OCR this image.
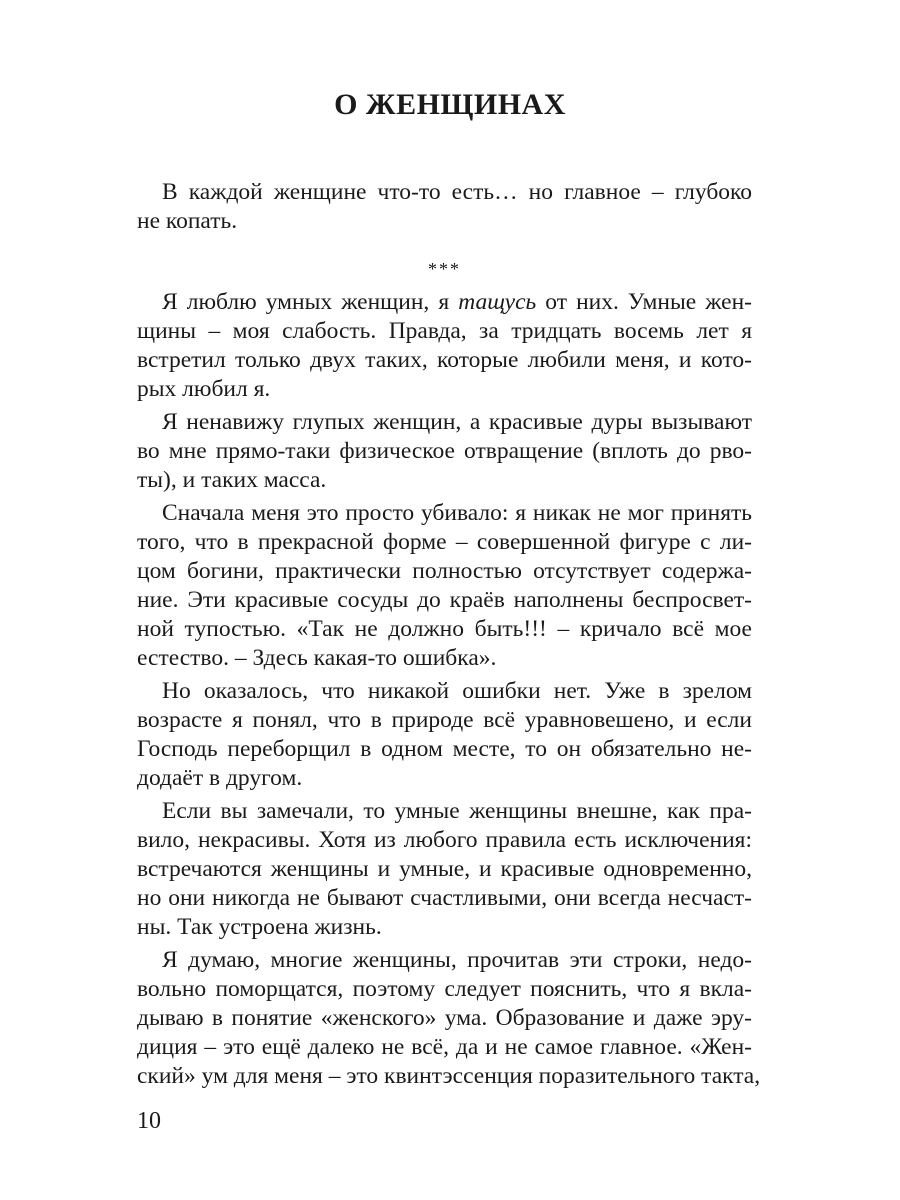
О ЖЕНЩИНАХ
В каждой женщине что-то есть… но главное – глубоко
не копать.
***
Я люблю умных женщин, я тащусь от них. Умные жен-
щины – моя слабость. Правда, за тридцать восемь лет я
встретил только двух таких, которые любили меня, и кото-
рых любил я.
Я ненавижу глупых женщин, а красивые дуры вызывают
во мне прямо-таки физическое отвращение (вплоть до рво-
ты), и таких масса.
Сначала меня это просто убивало: я никак не мог принять
того, что в прекрасной форме – совершенной фигуре с ли-
цом богини, практически полностью отсутствует содержа-
ние. Эти красивые сосуды до краёв наполнены беспросвет-
ной тупостью. «Так не должно быть!!! – кричало всё мое
естество. – Здесь какая-то ошибка».
Но оказалось, что никакой ошибки нет. Уже в зрелом
возрасте я понял, что в природе всё уравновешено, и если
Господь переборщил в одном месте, то он обязательно не-
додаёт в другом.
Если вы замечали, то умные женщины внешне, как пра-
вило, некрасивы. Хотя из любого правила есть исключения:
встречаются женщины и умные, и красивые одновременно,
но они никогда не бывают счастливыми, они всегда несчаст-
ны. Так устроена жизнь.
Я думаю, многие женщины, прочитав эти строки, недо-
вольно поморщатся, поэтому следует пояснить, что я вкла-
дываю в понятие «женского» ума. Образование и даже эру-
диция – это ещё далеко не всё, да и не самое главное. «Жен-
ский» ум для меня – это квинтэссенция поразительного такта,

10
